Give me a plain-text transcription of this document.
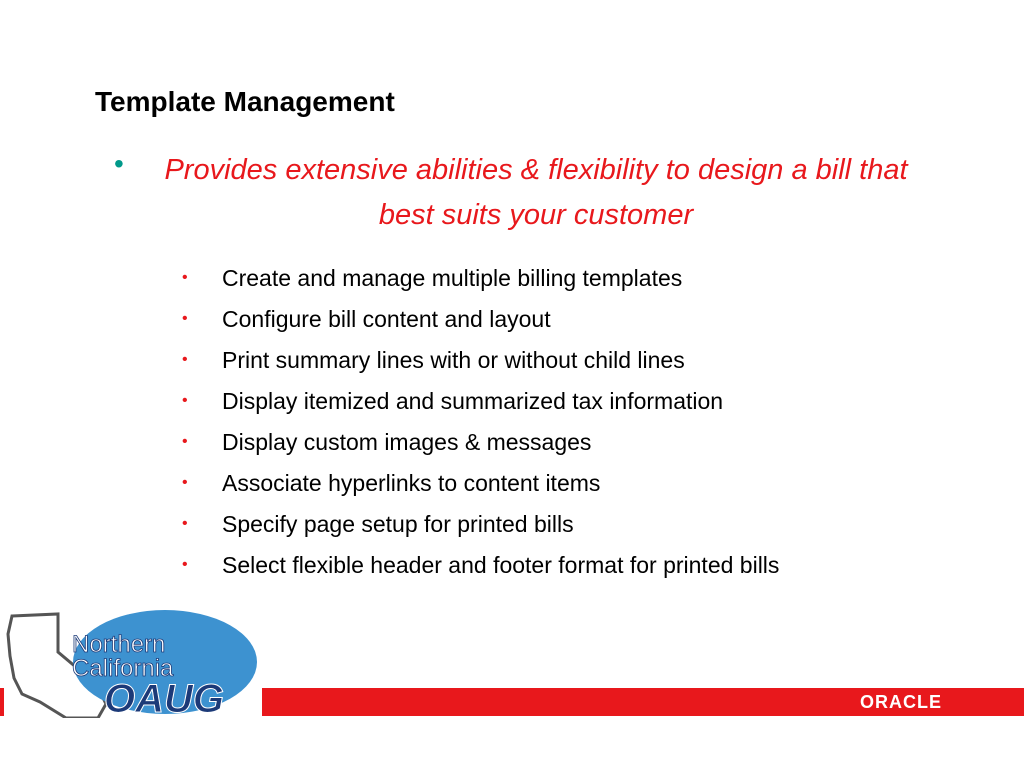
Template Management
• Provides extensive abilities & flexibility to design a bill that best suits your customer
• Create and manage multiple billing templates
• Configure bill content and layout
• Print summary lines with or without child lines
• Display itemized and summarized tax information
• Display custom images & messages
• Associate hyperlinks to content items
• Specify page setup for printed bills
• Select flexible header and footer format for printed bills
Northern
California
OAUG	ORACLE
